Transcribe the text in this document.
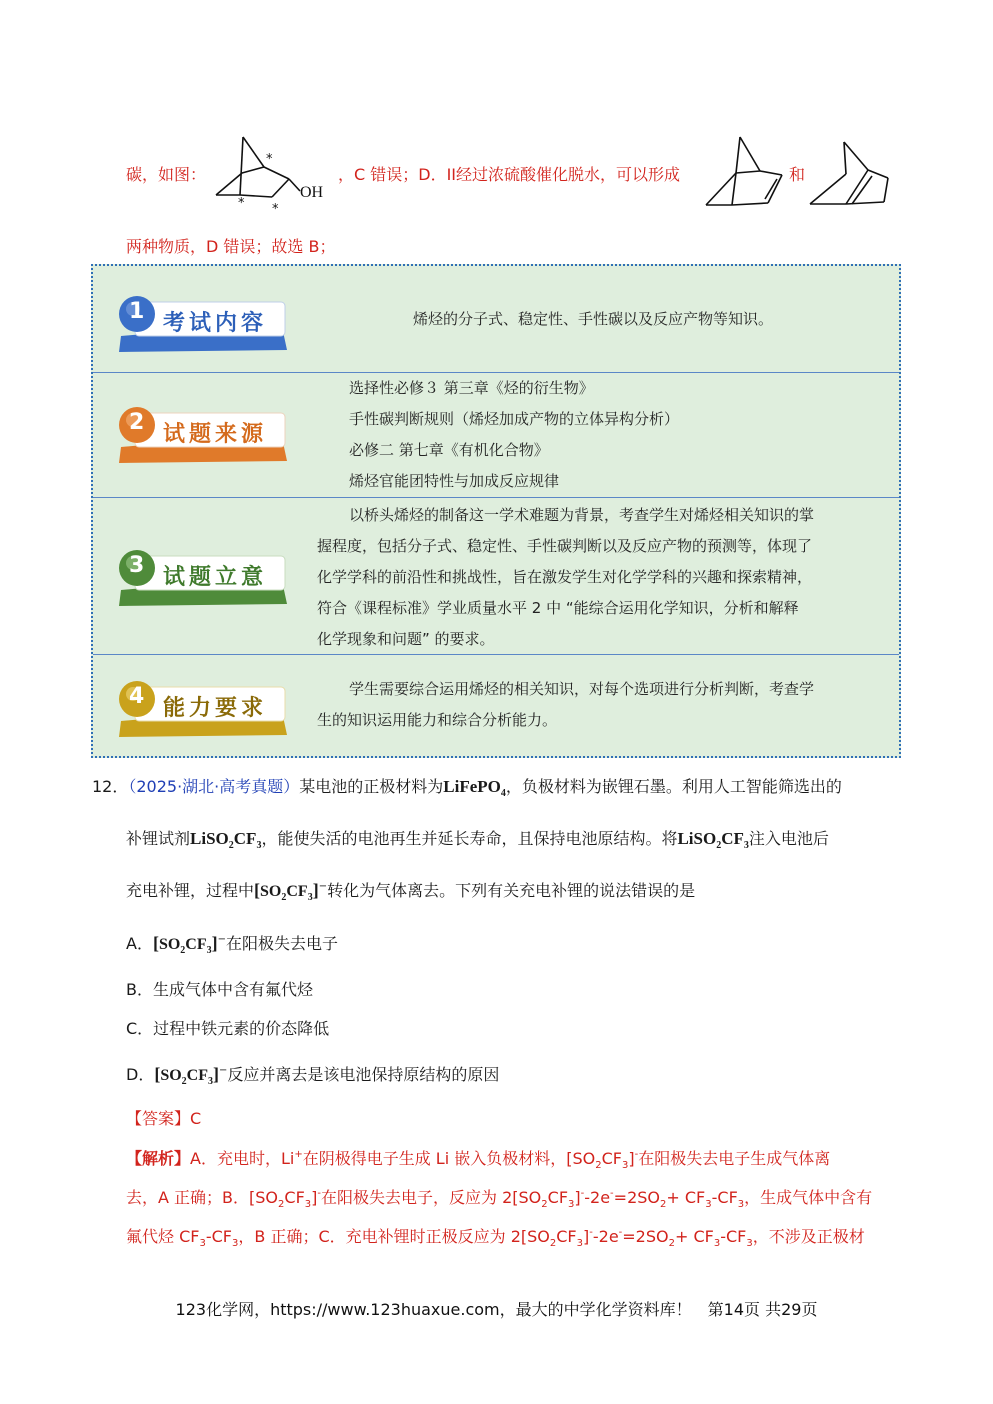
碳，如图：
*
* *
OH
，C 错误；D．II经过浓硫酸催化脱水，可以形成	和
两种物质，D 错误；故选 B；
1 考试内容	烯烃的分子式、稳定性、手性碳以及反应产物等知识。
2 试题来源
选择性必修３ 第三章《烃的衍生物》
手性碳判断规则（烯烃加成产物的立体异构分析）
必修二 第七章《有机化合物》
烯烃官能团特性与加成反应规律
3 试题立意
以桥头烯烃的制备这一学术难题为背景，考查学生对烯烃相关知识的掌
握程度，包括分子式、稳定性、手性碳判断以及反应产物的预测等，体现了
化学学科的前沿性和挑战性，旨在激发学生对化学学科的兴趣和探索精神，
符合《课程标准》学业质量水平 2 中 “能综合运用化学知识，分析和解释
化学现象和问题” 的要求。
4 能力要求
学生需要综合运用烯烃的相关知识，对每个选项进行分析判断，考查学
生的知识运用能力和综合分析能力。
12．（2025·湖北·高考真题）某电池的正极材料为LiFePO$_4$，负极材料为嵌锂石墨。利用人工智能筛选出的
补锂试剂$LiSO_2CF_3$，能使失活的电池再生并延长寿命，且保持电池原结构。将$LiSO_2CF_3$注入电池后
充电补锂，过程中$[SO_2CF_3]^-$转化为气体离去。下列有关充电补锂的说法错误的是
A．$[SO_2CF_3]^-$在阳极失去电子
B．生成气体中含有氟代烃
C．过程中铁元素的价态降低
D．$[SO_2CF_3]^-$反应并离去是该电池保持原结构的原因
【答案】C
【解析】A．充电时，Li+在阴极得电子生成 Li 嵌入负极材料，$[SO_2CF_3]^-$在阳极失去电子生成气体离
去，A 正确；B．$[SO_2CF_3]^-$在阳极失去电子，反应为 $2[SO_2CF_3]^--2e^-=2SO_2+ CF_3-CF_3$，生成气体中含有
氟代烃 $CF_3-CF_3$，B 正确；C．充电补锂时正极反应为 $2[SO_2CF_3]^--2e^-=2SO_2+ CF_3-CF_3$，不涉及正极材
123化学网，https://www.123huaxue.com，最大的中学化学资料库！　第14页 共29页
